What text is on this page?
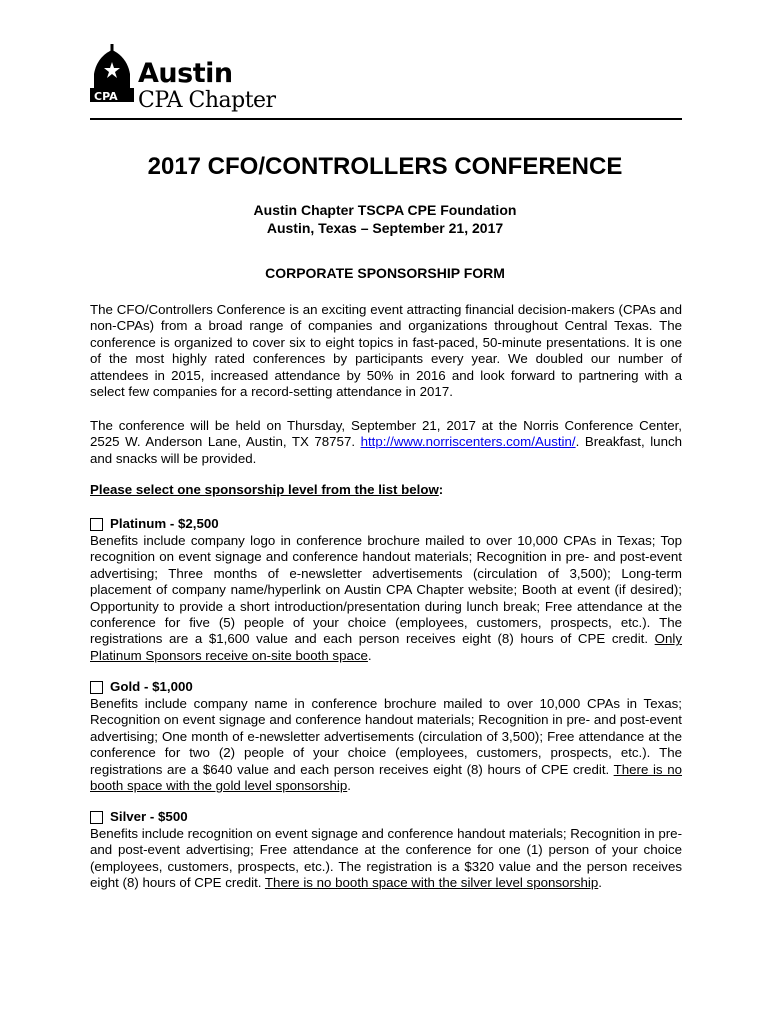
CPA
Austin
CPA Chapter
2017 CFO/CONTROLLERS CONFERENCE
Austin Chapter TSCPA CPE Foundation
Austin, Texas – September 21, 2017
CORPORATE SPONSORSHIP FORM
The CFO/Controllers Conference is an exciting event attracting financial decision-makers (CPAs and non-CPAs) from a broad range of companies and organizations throughout Central Texas. The conference is organized to cover six to eight topics in fast-paced, 50-minute presentations. It is one of the most highly rated conferences by participants every year. We doubled our number of attendees in 2015, increased attendance by 50% in 2016 and look forward to partnering with a select few companies for a record-setting attendance in 2017.
The conference will be held on Thursday, September 21, 2017 at the Norris Conference Center, 2525 W. Anderson Lane, Austin, TX 78757. http://www.norriscenters.com/Austin/. Breakfast, lunch and snacks will be provided.
Please select one sponsorship level from the list below:
Platinum - $2,500
Benefits include company logo in conference brochure mailed to over 10,000 CPAs in Texas; Top recognition on event signage and conference handout materials; Recognition in pre- and post-event advertising; Three months of e-newsletter advertisements (circulation of 3,500); Long-term placement of company name/hyperlink on Austin CPA Chapter website; Booth at event (if desired); Opportunity to provide a short introduction/presentation during lunch break; Free attendance at the conference for five (5) people of your choice (employees, customers, prospects, etc.). The registrations are a $1,600 value and each person receives eight (8) hours of CPE credit. Only Platinum Sponsors receive on-site booth space.
Gold - $1,000
Benefits include company name in conference brochure mailed to over 10,000 CPAs in Texas; Recognition on event signage and conference handout materials; Recognition in pre- and post-event advertising; One month of e-newsletter advertisements (circulation of 3,500); Free attendance at the conference for two (2) people of your choice (employees, customers, prospects, etc.). The registrations are a $640 value and each person receives eight (8) hours of CPE credit. There is no booth space with the gold level sponsorship.
Silver - $500
Benefits include recognition on event signage and conference handout materials; Recognition in pre- and post-event advertising; Free attendance at the conference for one (1) person of your choice (employees, customers, prospects, etc.). The registration is a $320 value and the person receives eight (8) hours of CPE credit. There is no booth space with the silver level sponsorship.
